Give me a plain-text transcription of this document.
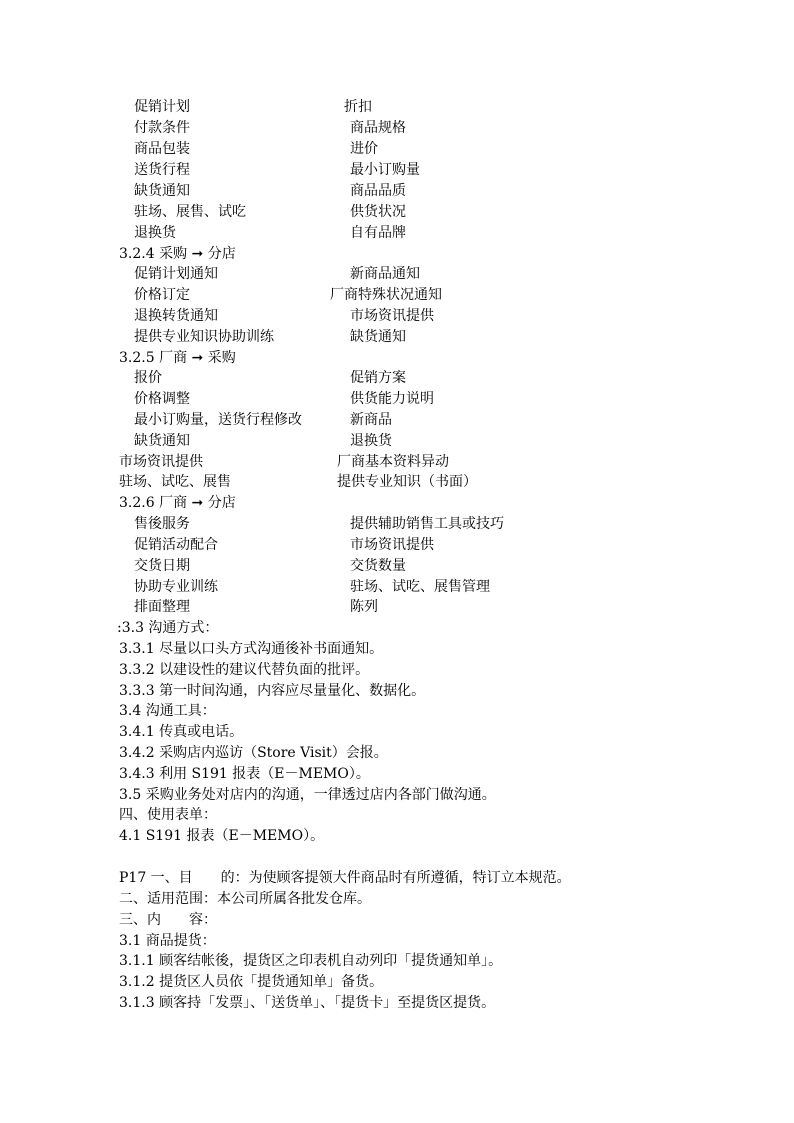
促销计划	折扣
付款条件	商品规格
商品包装	进价
送货行程	最小订购量
缺货通知	商品品质
驻场、展售、试吃	供货状况
退换货	自有品牌
3.2.4 采购 ➞ 分店
促销计划通知	新商品通知
价格订定	厂商特殊状况通知
退换转货通知	市场资讯提供
提供专业知识协助训练	缺货通知
3.2.5 厂商 ➞ 采购
报价	促销方案
价格调整	供货能力说明
最小订购量，送货行程修改	新商品
缺货通知	退换货
市场资讯提供	厂商基本资料异动
驻场、试吃、展售	提供专业知识（书面）
3.2.6 厂商 ➞ 分店
售後服务	提供辅助销售工具或技巧
促销活动配合	市场资讯提供
交货日期	交货数量
协助专业训练	驻场、试吃、展售管理
排面整理	陈列
:3.3 沟通方式：
3.3.1 尽量以口头方式沟通後补书面通知。
3.3.2 以建设性的建议代替负面的批评。
3.3.3 第一时间沟通，内容应尽量量化、数据化。
3.4 沟通工具：
3.4.1 传真或电话。
3.4.2 采购店内巡访（Store Visit）会报。
3.4.3 利用 S191 报表（E－MEMO）。
3.5 采购业务处对店内的沟通，一律透过店内各部门做沟通。
四、使用表单：
4.1 S191 报表（E－MEMO）。
P17 一、目　　的：为使顾客提领大件商品时有所遵循，特订立本规范。
二、适用范围：本公司所属各批发仓库。
三、内　　容：
3.1 商品提货：
3.1.1 顾客结帐後，提货区之印表机自动列印「提货通知单」。
3.1.2 提货区人员依「提货通知单」备货。
3.1.3 顾客持「发票」、「送货单」、「提货卡」至提货区提货。
